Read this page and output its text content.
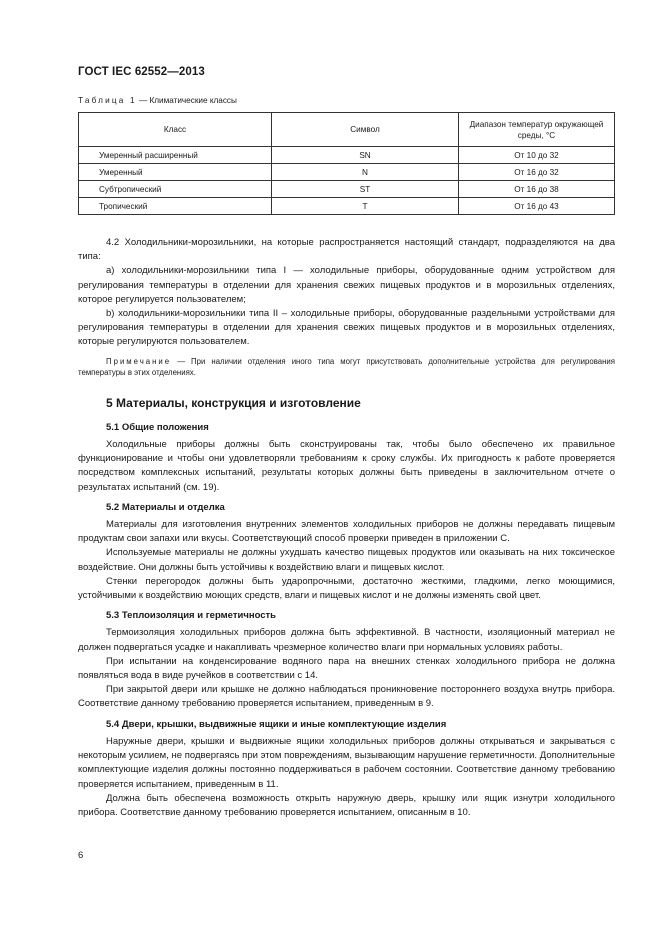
ГОСТ IEC 62552—2013
Таблица 1 — Климатические классы
Класс	Символ	Диапазон температур окружающей среды, °С
Умеренный расширенный	SN	От 10 до 32
Умеренный	N	От 16 до 32
Субтропический	ST	От 16 до 38
Тропический	T	От 16 до 43

4.2 Холодильники-морозильники, на которые распространяется настоящий стандарт, подразделяются на два типа:

a) холодильники-морозильники типа I — холодильные приборы, оборудованные одним устройством для регулирования температуры в отделении для хранения свежих пищевых продуктов и в морозильных отделениях, которое регулируется пользователем;

b) холодильники-морозильники типа II – холодильные приборы, оборудованные раздельными устройствами для регулирования температуры в отделении для хранения свежих пищевых продуктов и в морозильных отделениях, которые регулируются пользователем.

Примечание — При наличии отделения иного типа могут присутствовать дополнительные устройства для регулирования температуры в этих отделениях.

5 Материалы, конструкция и изготовление
5.1 Общие положения

Холодильные приборы должны быть сконструированы так, чтобы было обеспечено их правильное функционирование и чтобы они удовлетворяли требованиям к сроку службы. Их пригодность к работе проверяется посредством комплексных испытаний, результаты которых должны быть приведены в заключительном отчете о результатах испытаний (см. 19).

5.2 Материалы и отделка

Материалы для изготовления внутренних элементов холодильных приборов не должны передавать пищевым продуктам свои запахи или вкусы. Соответствующий способ проверки приведен в приложении С.

Используемые материалы не должны ухудшать качество пищевых продуктов или оказывать на них токсическое воздействие. Они должны быть устойчивы к воздействию влаги и пищевых кислот.

Стенки перегородок должны быть ударопрочными, достаточно жесткими, гладкими, легко моющимися, устойчивыми к воздействию моющих средств, влаги и пищевых кислот и не должны изменять свой цвет.

5.3 Теплоизоляция и герметичность

Термоизоляция холодильных приборов должна быть эффективной. В частности, изоляционный материал не должен подвергаться усадке и накапливать чрезмерное количество влаги при нормальных условиях работы.

При испытании на конденсирование водяного пара на внешних стенках холодильного прибора не должна появляться вода в виде ручейков в соответствии с 14.

При закрытой двери или крышке не должно наблюдаться проникновение постороннего воздуха внутрь прибора. Соответствие данному требованию проверяется испытанием, приведенным в 9.

5.4 Двери, крышки, выдвижные ящики и иные комплектующие изделия

Наружные двери, крышки и выдвижные ящики холодильных приборов должны открываться и закрываться с некоторым усилием, не подвергаясь при этом повреждениям, вызывающим нарушение герметичности. Дополнительные комплектующие изделия должны постоянно поддерживаться в рабочем состоянии. Соответствие данному требованию проверяется испытанием, приведенным в 11.

Должна быть обеспечена возможность открыть наружную дверь, крышку или ящик изнутри холодильного прибора. Соответствие данному требованию проверяется испытанием, описанным в 10.

6
